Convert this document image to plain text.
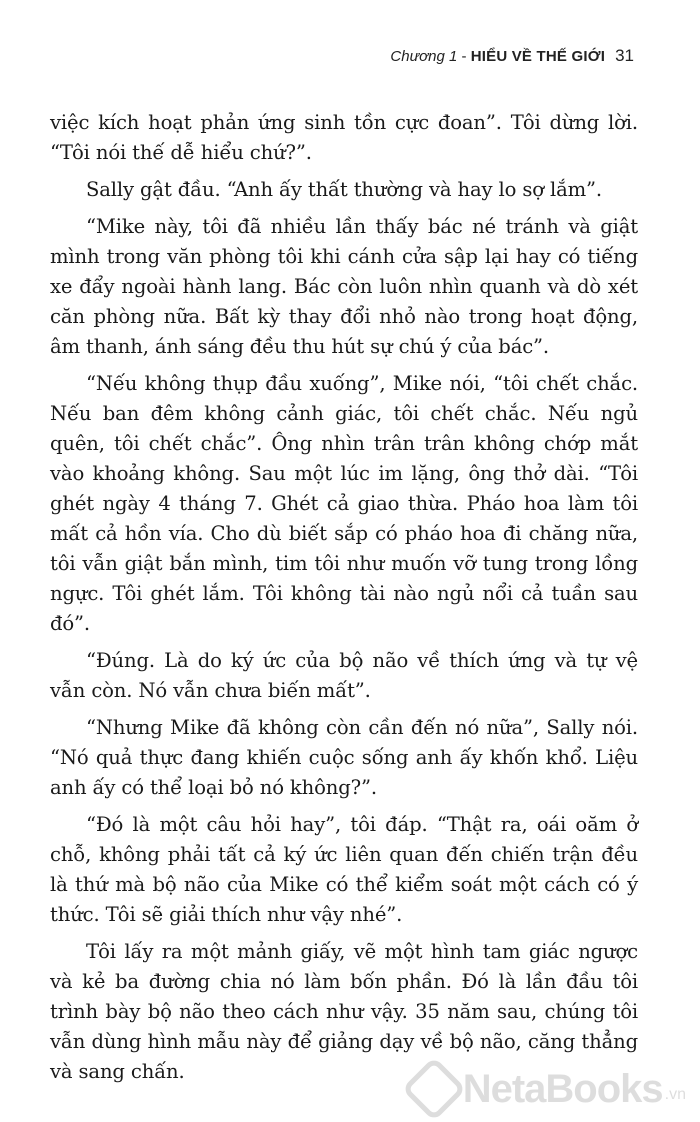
Chương 1 - HIỂU VỀ THẾ GIỚI 31

việc kích hoạt phản ứng sinh tồn cực đoan”. Tôi dừng lời. “Tôi nói thế dễ hiểu chứ?”.

Sally gật đầu. “Anh ấy thất thường và hay lo sợ lắm”.

“Mike này, tôi đã nhiều lần thấy bác né tránh và giật mình trong văn phòng tôi khi cánh cửa sập lại hay có tiếng xe đẩy ngoài hành lang. Bác còn luôn nhìn quanh và dò xét căn phòng nữa. Bất kỳ thay đổi nhỏ nào trong hoạt động, âm thanh, ánh sáng đều thu hút sự chú ý của bác”.

“Nếu không thụp đầu xuống”, Mike nói, “tôi chết chắc. Nếu ban đêm không cảnh giác, tôi chết chắc. Nếu ngủ quên, tôi chết chắc”. Ông nhìn trân trân không chớp mắt vào khoảng không. Sau một lúc im lặng, ông thở dài. “Tôi ghét ngày 4 tháng 7. Ghét cả giao thừa. Pháo hoa làm tôi mất cả hồn vía. Cho dù biết sắp có pháo hoa đi chăng nữa, tôi vẫn giật bắn mình, tim tôi như muốn vỡ tung trong lồng ngực. Tôi ghét lắm. Tôi không tài nào ngủ nổi cả tuần sau đó”.

“Đúng. Là do ký ức của bộ não về thích ứng và tự vệ vẫn còn. Nó vẫn chưa biến mất”.

“Nhưng Mike đã không còn cần đến nó nữa”, Sally nói. “Nó quả thực đang khiến cuộc sống anh ấy khốn khổ. Liệu anh ấy có thể loại bỏ nó không?”.

“Đó là một câu hỏi hay”, tôi đáp. “Thật ra, oái oăm ở chỗ, không phải tất cả ký ức liên quan đến chiến trận đều là thứ mà bộ não của Mike có thể kiểm soát một cách có ý thức. Tôi sẽ giải thích như vậy nhé”.

Tôi lấy ra một mảnh giấy, vẽ một hình tam giác ngược và kẻ ba đường chia nó làm bốn phần. Đó là lần đầu tôi trình bày bộ não theo cách như vậy. 35 năm sau, chúng tôi vẫn dùng hình mẫu này để giảng dạy về bộ não, căng thẳng và sang chấn.	NetaBooks .vn
